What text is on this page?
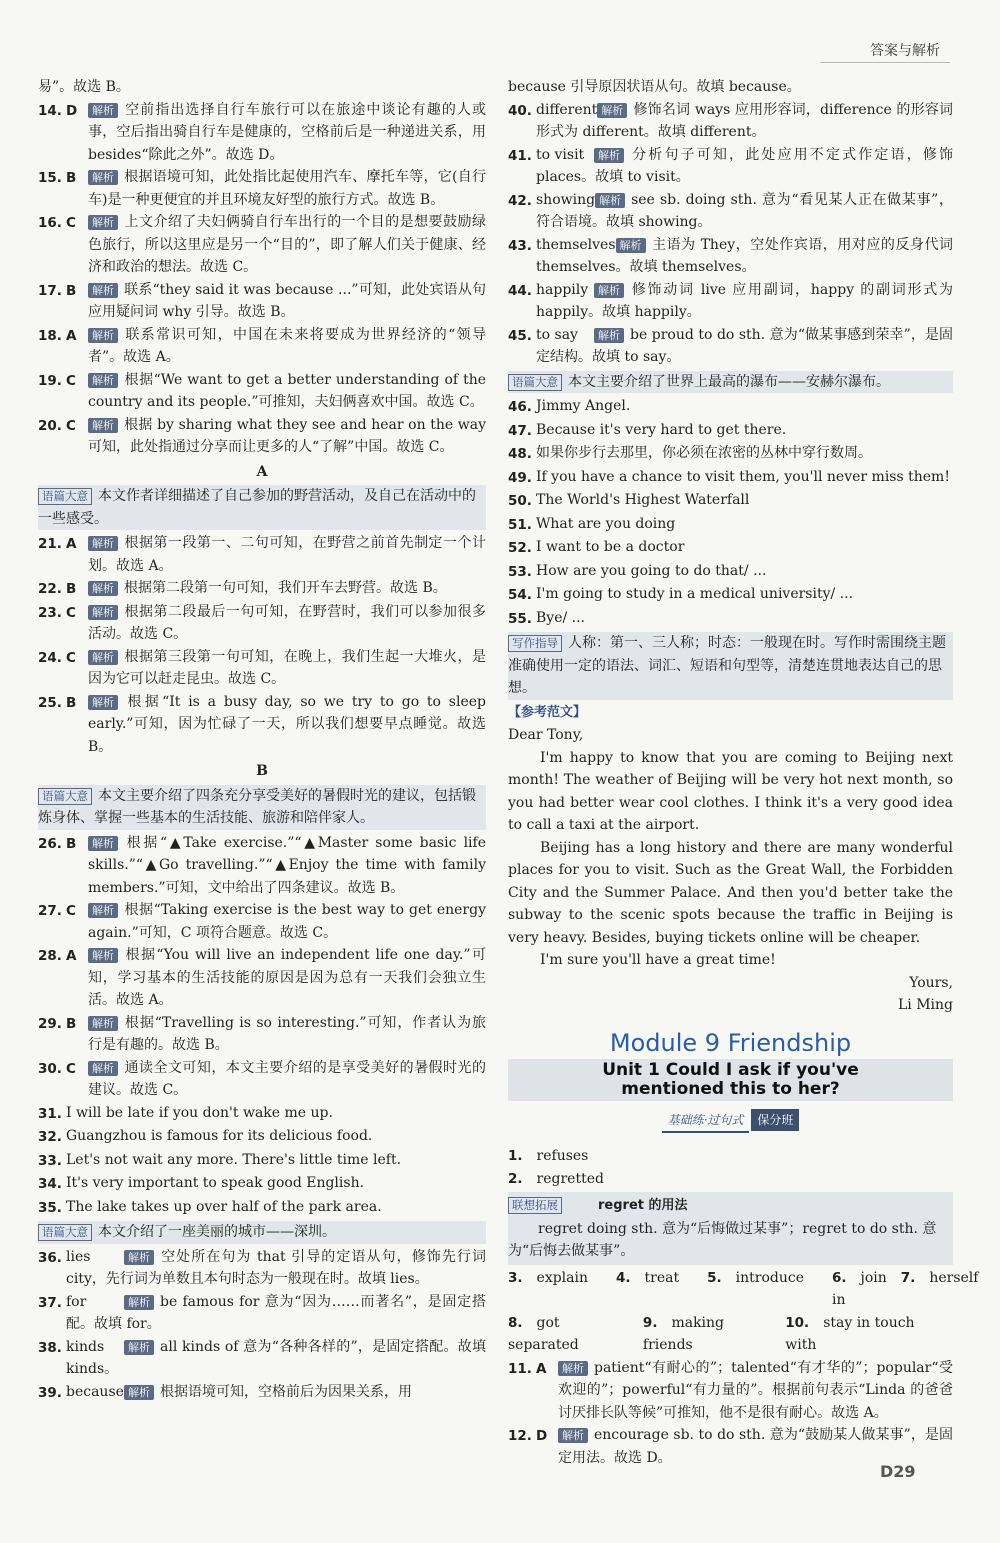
答案与解析
易”。故选 B。
14. D	解析 空前指出选择自行车旅行可以在旅途中谈论有趣的人或事，空后指出骑自行车是健康的，空格前后是一种递进关系，用 besides“除此之外”。故选 D。
15. B	解析 根据语境可知，此处指比起使用汽车、摩托车等，它(自行车)是一种更便宜的并且环境友好型的旅行方式。故选 B。
16. C	解析 上文介绍了夫妇俩骑自行车出行的一个目的是想要鼓励绿色旅行，所以这里应是另一个“目的”，即了解人们关于健康、经济和政治的想法。故选 C。
17. B	解析 联系“they said it was because ...”可知，此处宾语从句应用疑问词 why 引导。故选 B。
18. A	解析 联系常识可知，中国在未来将要成为世界经济的“领导者”。故选 A。
19. C	解析 根据“We want to get a better understanding of the country and its people.”可推知，夫妇俩喜欢中国。故选 C。
20. C	解析 根据 by sharing what they see and hear on the way 可知，此处指通过分享而让更多的人“了解”中国。故选 C。
A
语篇大意 本文作者详细描述了自己参加的野营活动，及自己在活动中的一些感受。
21. A	解析 根据第一段第一、二句可知，在野营之前首先制定一个计划。故选 A。
22. B	解析 根据第二段第一句可知，我们开车去野营。故选 B。
23. C	解析 根据第二段最后一句可知，在野营时，我们可以参加很多活动。故选 C。
24. C	解析 根据第三段第一句可知，在晚上，我们生起一大堆火，是因为它可以赶走昆虫。故选 C。
25. B	解析 根据“It is a busy day, so we try to go to sleep early.”可知，因为忙碌了一天，所以我们想要早点睡觉。故选 B。
B
语篇大意 本文主要介绍了四条充分享受美好的暑假时光的建议，包括锻炼身体、掌握一些基本的生活技能、旅游和陪伴家人。
26. B	解析 根据“▲Take exercise.”“▲Master some basic life skills.”“▲Go travelling.”“▲Enjoy the time with family members.”可知，文中给出了四条建议。故选 B。
27. C	解析 根据“Taking exercise is the best way to get energy again.”可知，C 项符合题意。故选 C。
28. A	解析 根据“You will live an independent life one day.”可知，学习基本的生活技能的原因是因为总有一天我们会独立生活。故选 A。
29. B	解析 根据“Travelling is so interesting.”可知，作者认为旅行是有趣的。故选 B。
30. C	解析 通读全文可知，本文主要介绍的是享受美好的暑假时光的建议。故选 C。
31. I will be late if you don't wake me up.
32. Guangzhou is famous for its delicious food.
33. Let's not wait any more. There's little time left.
34. It's very important to speak good English.
35. The lake takes up over half of the park area.
语篇大意 本文介绍了一座美丽的城市——深圳。
36. lies	解析 空处所在句为 that 引导的定语从句，修饰先行词 city，先行词为单数且本句时态为一般现在时。故填 lies。
37. for	解析 be famous for 意为“因为……而著名”，是固定搭配。故填 for。
38. kinds 解析 all kinds of 意为“各种各样的”，是固定搭配。故填 kinds。
39. because 解析 根据语境可知，空格前后为因果关系，用
because 引导原因状语从句。故填 because。
40. different 解析 修饰名词 ways 应用形容词，difference 的形容词形式为 different。故填 different。
41. to visit 解析 分析句子可知，此处应用不定式作定语，修饰 places。故填 to visit。
42. showing 解析 see sb. doing sth. 意为“看见某人正在做某事”，符合语境。故填 showing。
43. themselves 解析 主语为 They，空处作宾语，用对应的反身代词 themselves。故填 themselves。
44. happily 解析 修饰动词 live 应用副词，happy 的副词形式为 happily。故填 happily。
45. to say 解析 be proud to do sth. 意为“做某事感到荣幸”，是固定结构。故填 to say。
语篇大意 本文主要介绍了世界上最高的瀑布——安赫尔瀑布。
46. Jimmy Angel.
47. Because it's very hard to get there.
48. 如果你步行去那里，你必须在浓密的丛林中穿行数周。
49. If you have a chance to visit them, you'll never miss them!
50. The World's Highest Waterfall
51. What are you doing
52. I want to be a doctor
53. How are you going to do that/ ...
54. I'm going to study in a medical university/ ...
55. Bye/ ...
写作指导 人称：第一、三人称；时态：一般现在时。写作时需围绕主题准确使用一定的语法、词汇、短语和句型等，清楚连贯地表达自己的思想。
【参考范文】
Dear Tony,

I'm happy to know that you are coming to Beijing next month! The weather of Beijing will be very hot next month, so you had better wear cool clothes. I think it's a very good idea to call a taxi at the airport.

Beijing has a long history and there are many wonderful places for you to visit. Such as the Great Wall, the Forbidden City and the Summer Palace. And then you'd better take the subway to the scenic spots because the traffic in Beijing is very heavy. Besides, buying tickets online will be cheaper.

I'm sure you'll have a great time!

Yours,
Li Ming
Module 9 Friendship
Unit 1 Could I ask if you've
mentioned this to her?
基础练·过句式 保分班
1. refuses
2. regretted
联想拓展	regret 的用法
regret doing sth. 意为“后悔做过某事”；regret to do sth. 意为“后悔去做某事”。
3. explain	4. treat	5. introduce	6. join in
7. herself
8. got separated
9. making friends
10. stay in touch with
11. A	解析 patient“有耐心的”；talented“有才华的”；popular“受欢迎的”；powerful“有力量的”。根据前句表示“Linda 的爸爸讨厌排长队等候”可推知，他不是很有耐心。故选 A。
12. D	解析 encourage sb. to do sth. 意为“鼓励某人做某事”，是固定用法。故选 D。
D29
